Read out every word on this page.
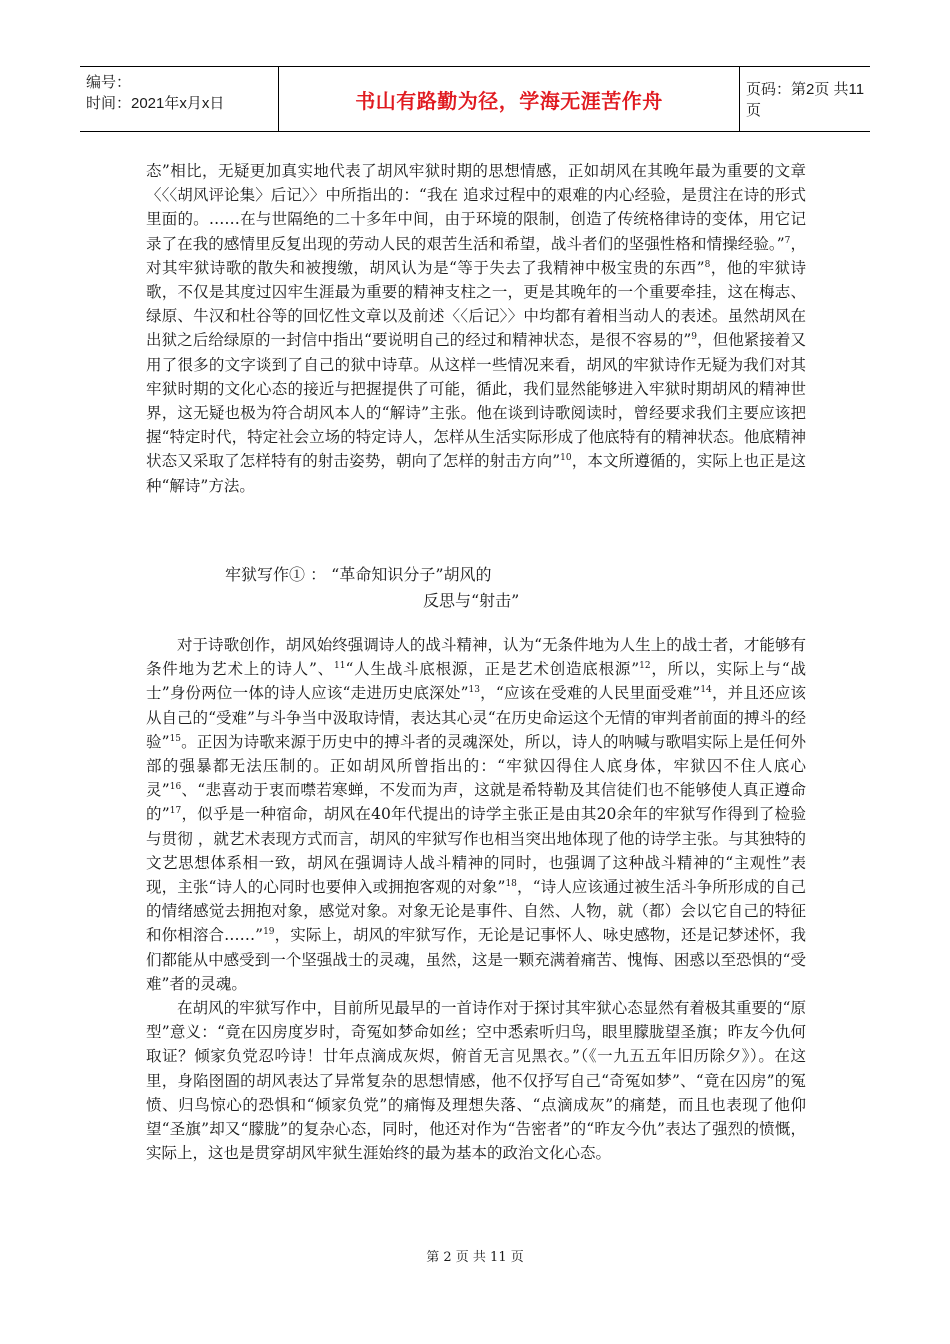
编号：
时间：2021年x月x日	书山有路勤为径，学海无涯苦作舟	页码：第2页 共11页

态”相比，无疑更加真实地代表了胡风牢狱时期的思想情感，正如胡风在其晚年最为重要的文章〈〈〈胡风评论集〉后记〉〉中所指出的：“我在 追求过程中的艰难的内心经验，是贯注在诗的形式里面的。……在与世隔绝的二十多年中间，由于环境的限制，创造了传统格律诗的变体，用它记录了在我的感情里反复出现的劳动人民的艰苦生活和希望，战斗者们的坚强性格和情操经验。”$^7$，对其牢狱诗歌的散失和被搜缴，胡风认为是“等于失去了我精神中极宝贵的东西”$^8$，他的牢狱诗歌，不仅是其度过囚牢生涯最为重要的精神支柱之一，更是其晚年的一个重要牵挂，这在梅志、绿原、牛汉和杜谷等的回忆性文章以及前述〈〈后记〉〉中均都有着相当动人的表述。虽然胡风在出狱之后给绿原的一封信中指出“要说明自己的经过和精神状态，是很不容易的”$^9$，但他紧接着又用了很多的文字谈到了自己的狱中诗草。从这样一些情况来看，胡风的牢狱诗作无疑为我们对其牢狱时期的文化心态的接近与把握提供了可能，循此，我们显然能够进入牢狱时期胡风的精神世界，这无疑也极为符合胡风本人的“解诗”主张。他在谈到诗歌阅读时，曾经要求我们主要应该把握“特定时代，特定社会立场的特定诗人，怎样从生活实际形成了他底特有的精神状态。他底精神状态又采取了怎样特有的射击姿势，朝向了怎样的射击方向”$^{10}$，本文所遵循的，实际上也正是这种“解诗”方法。

牢狱写作① ： “革命知识分子”胡风的
反思与“射击”

对于诗歌创作，胡风始终强调诗人的战斗精神，认为“无条件地为人生上的战士者，才能够有条件地为艺术上的诗人”、$^{11}$“人生战斗底根源，正是艺术创造底根源”$^{12}$，所以，实际上与“战士”身份两位一体的诗人应该“走进历史底深处”$^{13}$，“应该在受难的人民里面受难”$^{14}$，并且还应该从自己的“受难”与斗争当中汲取诗情，表达其心灵“在历史命运这个无情的审判者前面的搏斗的经验”$^{15}$。正因为诗歌来源于历史中的搏斗者的灵魂深处，所以，诗人的呐喊与歌唱实际上是任何外部的强暴都无法压制的。正如胡风所曾指出的：“牢狱囚得住人底身体，牢狱囚不住人底心灵”$^{16}$、“悲喜动于衷而噤若寒蝉，不发而为声，这就是希特勒及其信徒们也不能够使人真正遵命的”$^{17}$，似乎是一种宿命，胡风在40年代提出的诗学主张正是由其20余年的牢狱写作得到了检验与贯彻 ，就艺术表现方式而言，胡风的牢狱写作也相当突出地体现了他的诗学主张。与其独特的文艺思想体系相一致，胡风在强调诗人战斗精神的同时，也强调了这种战斗精神的“主观性”表现，主张“诗人的心同时也要伸入或拥抱客观的对象”$^{18}$，“诗人应该通过被生活斗争所形成的自己的情绪感觉去拥抱对象，感觉对象。对象无论是事件、自然、人物，就（都）会以它自己的特征和你相溶合……”$^{19}$，实际上，胡风的牢狱写作，无论是记事怀人、咏史感物，还是记梦述怀，我们都能从中感受到一个坚强战士的灵魂，虽然，这是一颗充满着痛苦、愧悔、困惑以至恐惧的“受难”者的灵魂。

在胡风的牢狱写作中，目前所见最早的一首诗作对于探讨其牢狱心态显然有着极其重要的“原型”意义：“竟在囚房度岁时，奇冤如梦命如丝；空中悉索听归鸟，眼里朦胧望圣旗；昨友今仇何取证？倾家负党忍吟诗！廿年点滴成灰烬，俯首无言见黑衣。”（《一九五五年旧历除夕》）。在这里，身陷囹圄的胡风表达了异常复杂的思想情感，他不仅抒写自己“奇冤如梦”、“竟在囚房”的冤愤、归鸟惊心的恐惧和“倾家负党”的痛悔及理想失落、“点滴成灰”的痛楚，而且也表现了他仰望“圣旗”却又“朦胧”的复杂心态，同时，他还对作为“告密者”的“昨友今仇”表达了强烈的愤慨，实际上，这也是贯穿胡风牢狱生涯始终的最为基本的政治文化心态。

第 2 页 共 11 页
